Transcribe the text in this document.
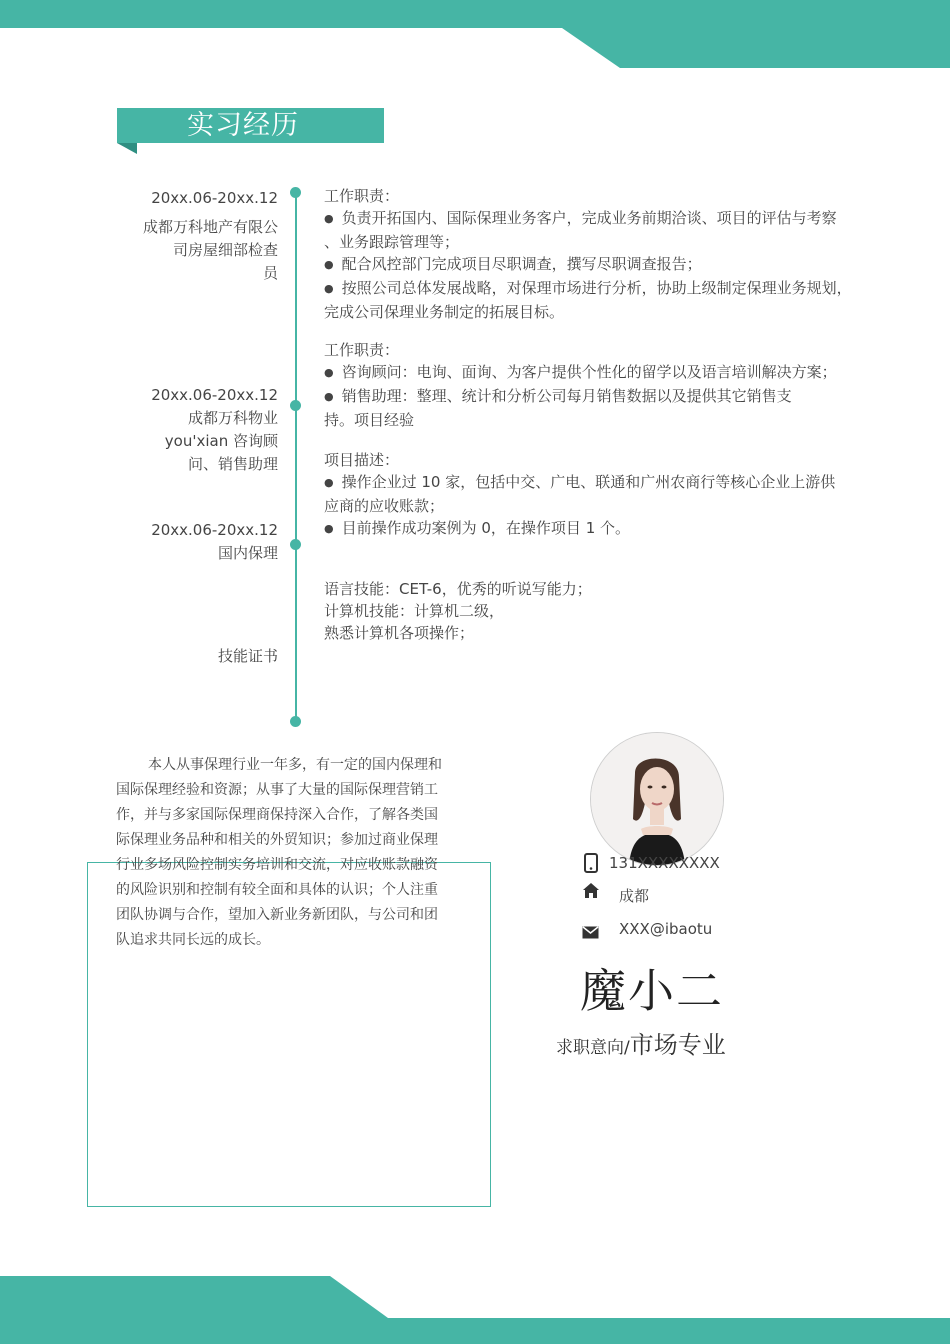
实习经历
20xx.06-20xx.12
成都万科地产有限公
司房屋细部检查
员

工作职责：

● 负责开拓国内、国际保理业务客户，完成业务前期洽谈、项目的评估与考察

、业务跟踪管理等；

● 配合风控部门完成项目尽职调查，撰写尽职调查报告；

● 按照公司总体发展战略，对保理市场进行分析，协助上级制定保理业务规划，

完成公司保理业务制定的拓展目标。

20xx.06-20xx.12
成都万科物业
you'xian 咨询顾
问、销售助理

工作职责：

● 咨询顾问：电询、面询、为客户提供个性化的留学以及语言培训解决方案；

● 销售助理：整理、统计和分析公司每月销售数据以及提供其它销售支

持。项目经验

20xx.06-20xx.12
国内保理

项目描述：

● 操作企业过 10 家，包括中交、广电、联通和广州农商行等核心企业上游供

应商的应收账款；

● 目前操作成功案例为 0，在操作项目 1 个。

技能证书

语言技能：CET-6，优秀的听说写能力；

计算机技能：计算机二级，

熟悉计算机各项操作；

本人从事保理行业一年多，有一定的国内保理和国际保理经验和资源；从事了大量的国际保理营销工作，并与多家国际保理商保持深入合作，了解各类国际保理业务品种和相关的外贸知识；参加过商业保理行业多场风险控制实务培训和交流，对应收账款融资的风险识别和控制有较全面和具体的认识；个人注重团队协调与合作，望加入新业务新团队，与公司和团队追求共同长远的成长。
131XXXXXXXX
成都
XXX@ibaotu
魔小二
求职意向/市场专业
